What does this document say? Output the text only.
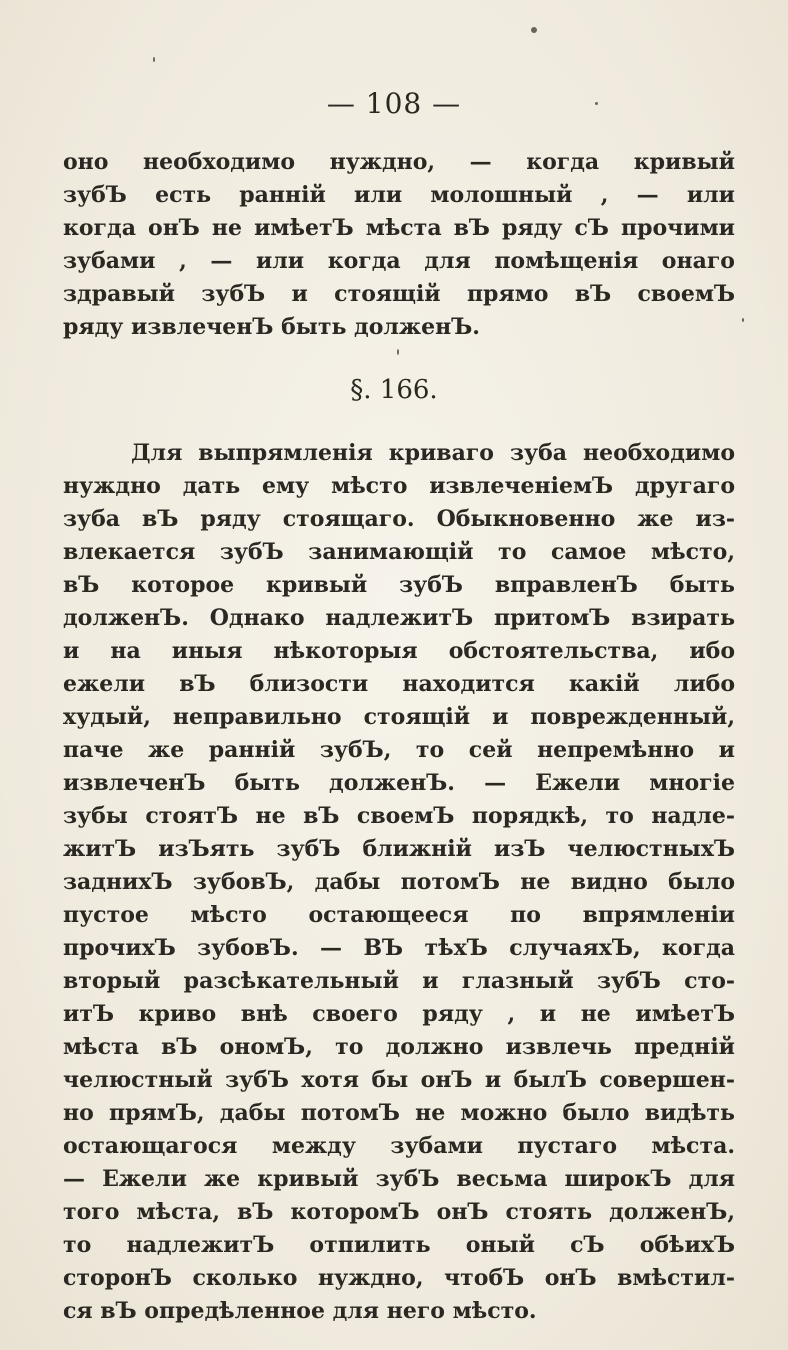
— 108 —
оно необходимо нуждно, — когда кривый
зубЪ есть ранній или молошный , — или
когда онЪ не имѣетЪ мѣста вЪ ряду сЪ прочими
зубами , — или когда для помѣщенія онаго
здравый зубЪ и стоящій прямо вЪ своемЪ
ряду извлеченЪ быть долженЪ.
§. 166.
Для выпрямленія криваго зуба необходимо
нуждно дать ему мѣсто извлеченіемЪ другаго
зуба вЪ ряду стоящаго. Обыкновенно же из-
влекается зубЪ занимающій то самое мѣсто,
вЪ которое кривый зубЪ вправленЪ быть
долженЪ. Однако надлежитЪ притомЪ взирать
и на иныя нѣкоторыя обстоятельства, ибо
ежели вЪ близости находится какій либо
худый, неправильно стоящій и поврежденный,
паче же ранній зубЪ, то сей непремѣнно и
извлеченЪ быть долженЪ. — Ежели многіе
зубы стоятЪ не вЪ своемЪ порядкѣ, то надле-
житЪ изЪять зубЪ ближній изЪ челюстныхЪ
заднихЪ зубовЪ, дабы потомЪ не видно было
пустое мѣсто остающееся по впрямленіи
прочихЪ зубовЪ. — ВЪ тѣхЪ случаяхЪ, когда
вторый разсѣкательный и глазный зубЪ сто-
итЪ криво внѣ своего ряду , и не имѣетЪ
мѣста вЪ ономЪ, то должно извлечь предній
челюстный зубЪ хотя бы онЪ и былЪ совершен-
но прямЪ, дабы потомЪ не можно было видѣть
остающагося между зубами пустаго мѣста.
— Ежели же кривый зубЪ весьма широкЪ для
того мѣста, вЪ которомЪ онЪ стоять долженЪ,
то надлежитЪ отпилить оный сЪ обѣихЪ
сторонЪ сколько нуждно, чтобЪ онЪ вмѣстил-
ся вЪ опредѣленное для него мѣсто.
